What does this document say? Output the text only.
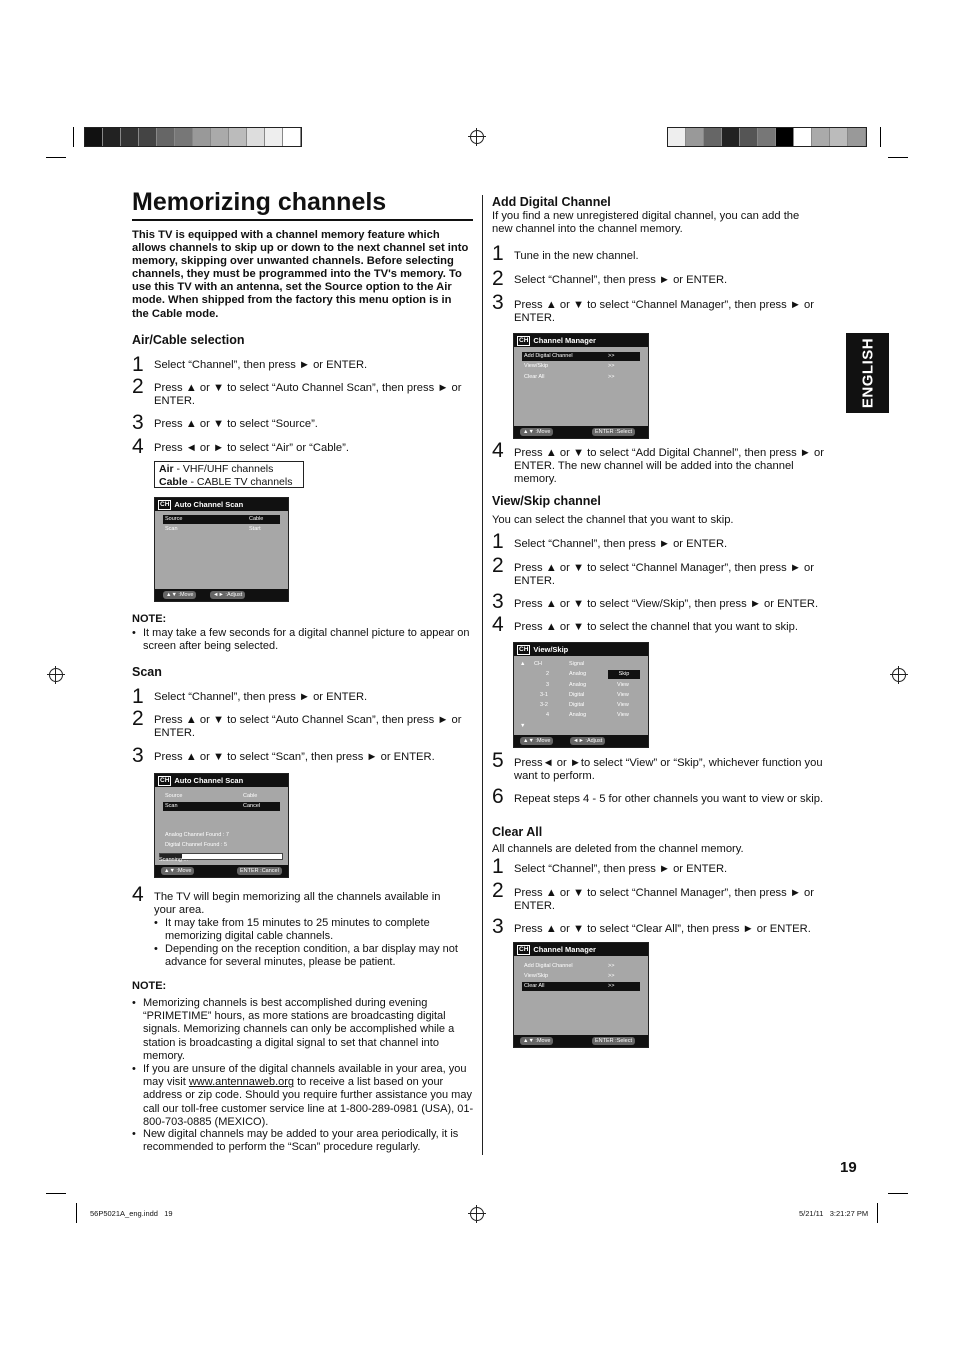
Memorizing channels
This TV is equipped with a channel memory feature which allows channels to skip up or down to the next channel set into memory, skipping over unwanted channels. Before selecting channels, they must be programmed into the TV's memory. To use this TV with an antenna, set the Source option to the Air mode. When shipped from the factory this menu option is in the Cable mode.
Air/Cable selection
1 Select “Channel”, then press ► or ENTER.
2 Press ▲ or ▼ to select “Auto Channel Scan”, then press ► or ENTER.
3 Press ▲ or ▼ to select “Source”.
4 Press ◄ or ► to select “Air” or “Cable”.
Air - VHF/UHF channels
Cable - CABLE TV channels
CH Auto Channel Scan
Source	Cable
Scan	Start
▲▼ :Move	◄► :Adjust
NOTE:
• It may take a few seconds for a digital channel picture to appear on screen after being selected.
Scan
1 Select “Channel”, then press ► or ENTER.
2 Press ▲ or ▼ to select “Auto Channel Scan”, then press ► or ENTER.
3 Press ▲ or ▼ to select “Scan”, then press ► or ENTER.
CH Auto Channel Scan
Source	Cable
Scan	Cancel
Analog Channel Found : 7
Digital Channel Found : 5
Scanning ...
▲▼ :Move	ENTER :Cancel
4 The TV will begin memorizing all the channels available in your area.
• It may take from 15 minutes to 25 minutes to complete memorizing digital cable channels.
• Depending on the reception condition, a bar display may not advance for several minutes, please be patient.
NOTE:
• Memorizing channels is best accomplished during evening “PRIMETIME” hours, as more stations are broadcasting digital signals. Memorizing channels can only be accomplished while a station is broadcasting a digital signal to set that channel into memory.
• If you are unsure of the digital channels available in your area, you may visit www.antennaweb.org to receive a list based on your address or zip code. Should you require further assistance you may call our toll-free customer service line at 1-800-289-0981 (USA), 01-800-703-0885 (MEXICO).
• New digital channels may be added to your area periodically, it is recommended to perform the “Scan” procedure regularly.
Add Digital Channel
If you find a new unregistered digital channel, you can add the new channel into the channel memory.
1 Tune in the new channel.
2 Select “Channel”, then press ► or ENTER.
3 Press ▲ or ▼ to select “Channel Manager”, then press ► or ENTER.
CH Channel Manager
Add Digital Channel	>>
View/Skip	>>
Clear All	>>
▲▼ :Move	ENTER :Select
4 Press ▲ or ▼ to select “Add Digital Channel”, then press ► or ENTER. The new channel will be added into the channel memory.
View/Skip channel
You can select the channel that you want to skip.
1 Select “Channel”, then press ► or ENTER.
2 Press ▲ or ▼ to select “Channel Manager”, then press ► or ENTER.
3 Press ▲ or ▼ to select “View/Skip”, then press ► or ENTER.
4 Press ▲ or ▼ to select the channel that you want to skip.
CH View/Skip
▲ CH	Signal
2	Analog	Skip
3	Analog	View
3-1	Digital	View
3-2	Digital	View
4	Analog	View
▼
▲▼ :Move	◄► :Adjust
5 Press◄ or ►to select “View” or “Skip”, whichever function you want to perform.
6 Repeat steps 4 - 5 for other channels you want to view or skip.
Clear All
All channels are deleted from the channel memory.
1 Select “Channel”, then press ► or ENTER.
2 Press ▲ or ▼ to select “Channel Manager”, then press ► or ENTER.
3 Press ▲ or ▼ to select “Clear All”, then press ► or ENTER.
CH Channel Manager
Add Digital Channel	>>
View/Skip	>>
Clear All	>>
▲▼ :Move	ENTER :Select
ENGLISH
19
56P5021A_eng.indd   19	5/21/11   3:21:27 PM
